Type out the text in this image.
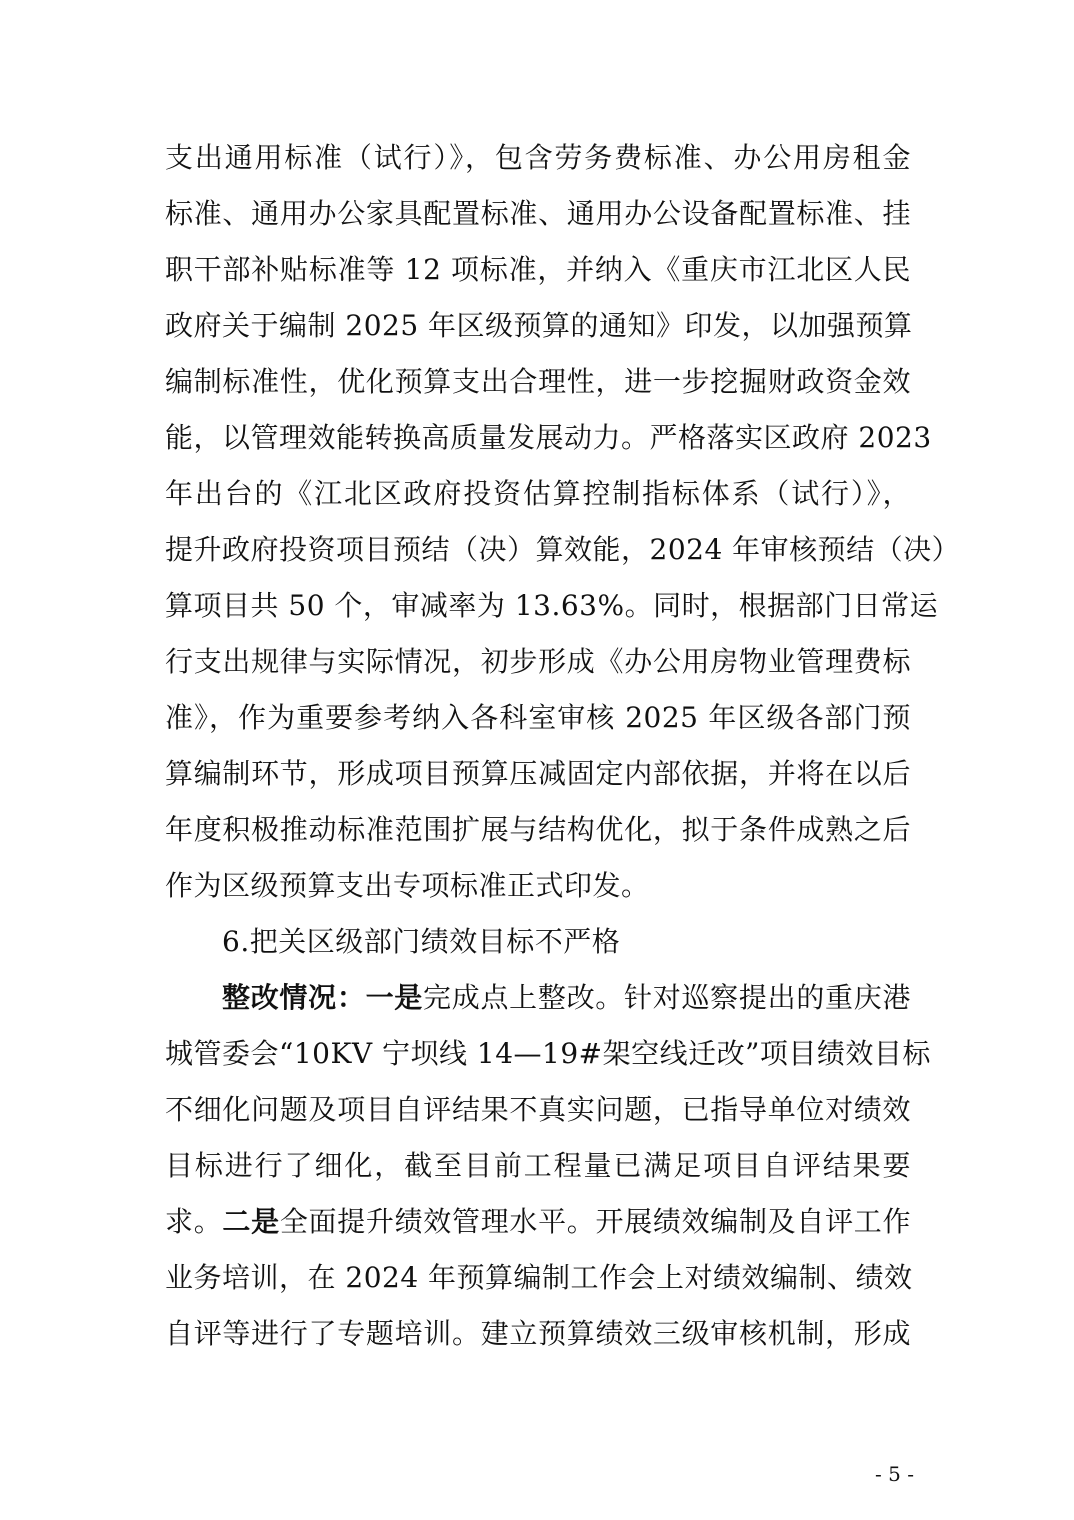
支出通用标准（试行）》，包含劳务费标准、办公用房租金

标准、通用办公家具配置标准、通用办公设备配置标准、挂

职干部补贴标准等 12 项标准，并纳入《重庆市江北区人民

政府关于编制 2025 年区级预算的通知》印发，以加强预算

编制标准性，优化预算支出合理性，进一步挖掘财政资金效

能，以管理效能转换高质量发展动力。严格落实区政府 2023

年出台的《江北区政府投资估算控制指标体系（试行）》，

提升政府投资项目预结（决）算效能，2024 年审核预结（决）

算项目共 50 个，审减率为 13.63%。同时，根据部门日常运

行支出规律与实际情况，初步形成《办公用房物业管理费标

准》，作为重要参考纳入各科室审核 2025 年区级各部门预

算编制环节，形成项目预算压减固定内部依据，并将在以后

年度积极推动标准范围扩展与结构优化，拟于条件成熟之后

作为区级预算支出专项标准正式印发。

6.把关区级部门绩效目标不严格

整改情况：一是完成点上整改。针对巡察提出的重庆港

城管委会“10KV 宁坝线 14—19#架空线迁改”项目绩效目标

不细化问题及项目自评结果不真实问题，已指导单位对绩效

目标进行了细化，截至目前工程量已满足项目自评结果要

求。二是全面提升绩效管理水平。开展绩效编制及自评工作

业务培训，在 2024 年预算编制工作会上对绩效编制、绩效

自评等进行了专题培训。建立预算绩效三级审核机制，形成

- 5 -
